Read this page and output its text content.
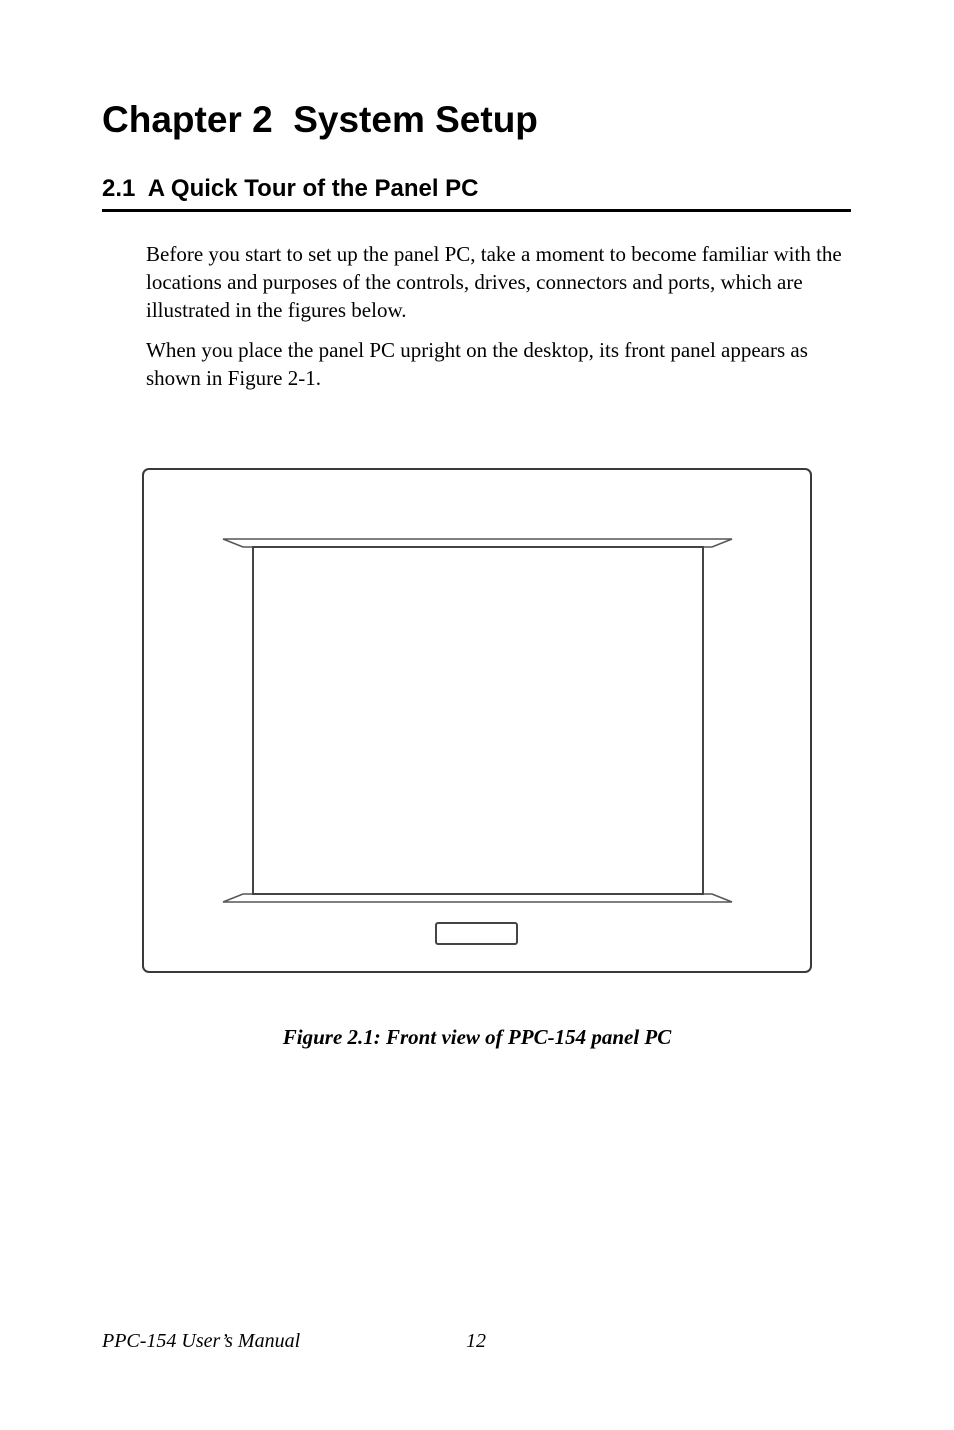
Chapter 2  System Setup
2.1  A Quick Tour of the Panel PC

Before you start to set up the panel PC, take a moment to become familiar with the locations and purposes of the controls, drives, connectors and ports, which are illustrated in the figures below.

When you place the panel PC upright on the desktop, its front panel appears as shown in Figure 2-1.

Figure 2.1: Front view of PPC-154 panel PC

PPC-154 User’s Manual	12
